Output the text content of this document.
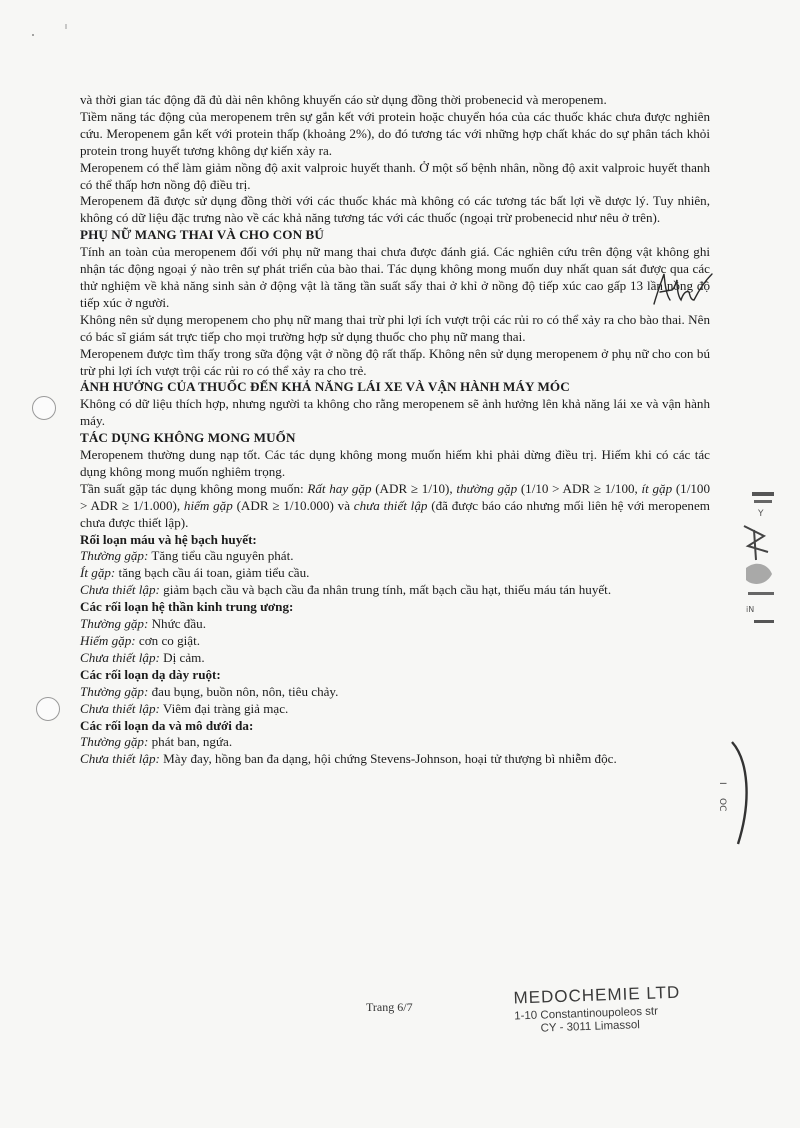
và thời gian tác động đã đủ dài nên không khuyến cáo sử dụng đồng thời probenecid và meropenem.

Tiềm năng tác động của meropenem trên sự gắn kết với protein hoặc chuyển hóa của các thuốc khác chưa được nghiên cứu. Meropenem gắn kết với protein thấp (khoảng 2%), do đó tương tác với những hợp chất khác do sự phân tách khỏi protein trong huyết tương không dự kiến xảy ra.

Meropenem có thể làm giảm nồng độ axit valproic huyết thanh. Ở một số bệnh nhân, nồng độ axit valproic huyết thanh có thể thấp hơn nồng độ điều trị.

Meropenem đã được sử dụng đồng thời với các thuốc khác mà không có các tương tác bất lợi về dược lý. Tuy nhiên, không có dữ liệu đặc trưng nào về các khả năng tương tác với các thuốc (ngoại trừ probenecid như nêu ở trên).

PHỤ NỮ MANG THAI VÀ CHO CON BÚ

Tính an toàn của meropenem đối với phụ nữ mang thai chưa được đánh giá. Các nghiên cứu trên động vật không ghi nhận tác động ngoại ý nào trên sự phát triển của bào thai. Tác dụng không mong muốn duy nhất quan sát được qua các thử nghiệm về khả năng sinh sản ở động vật là tăng tần suất sẩy thai ở khỉ ở nồng độ tiếp xúc cao gấp 13 lần nồng độ tiếp xúc ở người.

Không nên sử dụng meropenem cho phụ nữ mang thai trừ phi lợi ích vượt trội các rủi ro có thể xảy ra cho bào thai. Nên có bác sĩ giám sát trực tiếp cho mọi trường hợp sử dụng thuốc cho phụ nữ mang thai.

Meropenem được tìm thấy trong sữa động vật ở nồng độ rất thấp. Không nên sử dụng meropenem ở phụ nữ cho con bú trừ phi lợi ích vượt trội các rủi ro có thể xảy ra cho trẻ.

ẢNH HƯỞNG CỦA THUỐC ĐẾN KHẢ NĂNG LÁI XE VÀ VẬN HÀNH MÁY MÓC

Không có dữ liệu thích hợp, nhưng người ta không cho rằng meropenem sẽ ảnh hưởng lên khả năng lái xe và vận hành máy.

TÁC DỤNG KHÔNG MONG MUỐN

Meropenem thường dung nạp tốt. Các tác dụng không mong muốn hiếm khi phải dừng điều trị. Hiếm khi có các tác dụng không mong muốn nghiêm trọng.

Tần suất gặp tác dụng không mong muốn: Rất hay gặp (ADR ≥ 1/10), thường gặp (1/10 > ADR ≥ 1/100, ít gặp (1/100 > ADR ≥ 1/1.000), hiếm gặp (ADR ≥ 1/10.000) và chưa thiết lập (đã được báo cáo nhưng mối liên hệ với meropenem chưa được thiết lập).

Rối loạn máu và hệ bạch huyết:

Thường gặp: Tăng tiểu cầu nguyên phát.

Ít gặp: tăng bạch cầu ái toan, giảm tiểu cầu.

Chưa thiết lập: giảm bạch cầu và bạch cầu đa nhân trung tính, mất bạch cầu hạt, thiếu máu tán huyết.

Các rối loạn hệ thần kinh trung ương:

Thường gặp: Nhức đầu.

Hiếm gặp: cơn co giật.

Chưa thiết lập: Dị cảm.

Các rối loạn dạ dày ruột:

Thường gặp: đau bụng, buồn nôn, nôn, tiêu chảy.

Chưa thiết lập: Viêm đại tràng giả mạc.

Các rối loạn da và mô dưới da:

Thường gặp: phát ban, ngứa.

Chưa thiết lập: Mày đay, hồng ban đa dạng, hội chứng Stevens-Johnson, hoại tử thượng bì nhiễm độc.

Y
iN
I
OC
Trang 6/7	MEDOCHEMIE LTD
1-10 Constantinoupoleos str
CY - 3011 Limassol
